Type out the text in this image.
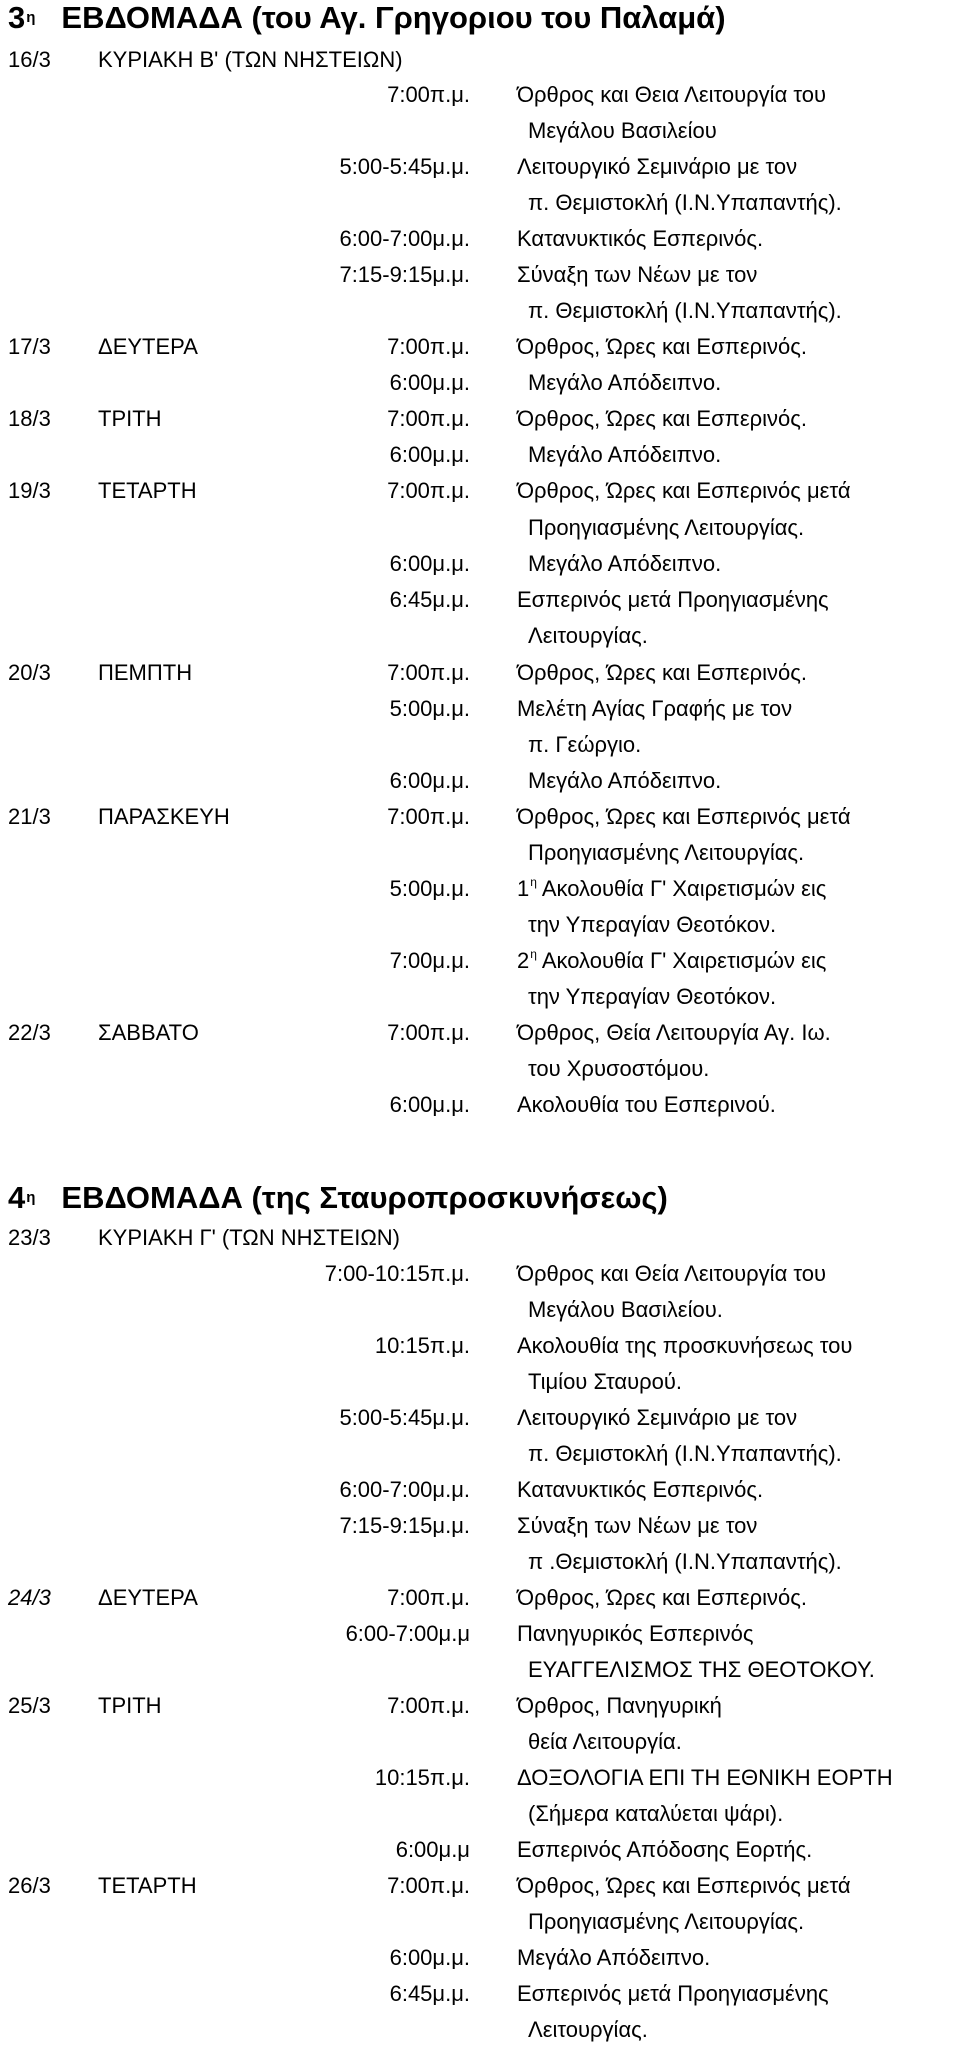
$3^\eta$ ΕΒΔΟΜΑΔΑ (του Αγ. Γρηγοριου του Παλαμά)
16/3 ΚΥΡΙΑΚΗ Β' (ΤΩΝ ΝΗΣΤΕΙΩΝ)
7:00π.μ. Όρθρος και Θεια Λειτουργία του
Μεγάλου Βασιλείου
5:00-5:45μ.μ. Λειτουργικό Σεμινάριο με τον
π. Θεμιστοκλή (Ι.Ν.Υπαπαντής).
6:00-7:00μ.μ. Κατανυκτικός Εσπερινός.
7:15-9:15μ.μ. Σύναξη των Νέων με τον
π. Θεμιστοκλή (Ι.Ν.Υπαπαντής).
17/3 ΔΕΥΤΕΡΑ	7:00π.μ. Όρθρος, Ώρες και Εσπερινός.
6:00μ.μ.	Μεγάλο Απόδειπνο.
18/3 ΤΡΙΤΗ	7:00π.μ. Όρθρος, Ώρες και Εσπερινός.
6:00μ.μ.	Μεγάλο Απόδειπνο.
19/3 ΤΕΤΑΡΤΗ	7:00π.μ. Όρθρος, Ώρες και Εσπερινός μετά
Προηγιασμένης Λειτουργίας.
6:00μ.μ.	Μεγάλο Απόδειπνο.
6:45μ.μ. Εσπερινός μετά Προηγιασμένης
Λειτουργίας.
20/3 ΠΕΜΠΤΗ	7:00π.μ. Όρθρος, Ώρες και Εσπερινός.
5:00μ.μ. Μελέτη Αγίας Γραφής με τον
π. Γεώργιο.
6:00μ.μ.	Μεγάλο Απόδειπνο.
21/3 ΠΑΡΑΣΚΕΥΗ	7:00π.μ. Όρθρος, Ώρες και Εσπερινός μετά
Προηγιασμένης Λειτουργίας.
5:00μ.μ. $1^\eta$ Ακολουθία Γ' Χαιρετισμών εις
την Υπεραγίαν Θεοτόκον.
7:00μ.μ. $2^\eta$ Ακολουθία Γ' Χαιρετισμών εις
την Υπεραγίαν Θεοτόκον.
22/3 ΣΑΒΒΑΤΟ	7:00π.μ. Όρθρος, Θεία Λειτουργία Αγ. Ιω.
του Χρυσοστόμου.
6:00μ.μ. Ακολουθία του Εσπερινού.
$4^\eta$ ΕΒΔΟΜΑΔΑ (της Σταυροπροσκυνήσεως)
23/3 ΚΥΡΙΑΚΗ Γ' (ΤΩΝ ΝΗΣΤΕΙΩΝ)
7:00-10:15π.μ. Όρθρος και Θεία Λειτουργία του
Μεγάλου Βασιλείου.
10:15π.μ. Ακολουθία της προσκυνήσεως του
Τιμίου Σταυρού.
5:00-5:45μ.μ. Λειτουργικό Σεμινάριο με τον
π. Θεμιστοκλή (Ι.Ν.Υπαπαντής).
6:00-7:00μ.μ. Κατανυκτικός Εσπερινός.
7:15-9:15μ.μ. Σύναξη των Νέων με τον
π .Θεμιστοκλή (Ι.Ν.Υπαπαντής).
24/3 ΔΕΥΤΕΡΑ	7:00π.μ. Όρθρος, Ώρες και Εσπερινός.
6:00-7:00μ.μ Πανηγυρικός Εσπερινός
ΕΥΑΓΓΕΛΙΣΜΟΣ ΤΗΣ ΘΕΟΤΟΚΟΥ.
25/3 ΤΡΙΤΗ	7:00π.μ. Όρθρος, Πανηγυρική
θεία Λειτουργία.
10:15π.μ. ΔΟΞΟΛΟΓΙΑ ΕΠΙ ΤΗ ΕΘΝΙΚΗ ΕΟΡΤΗ
(Σήμερα καταλύεται ψάρι).
6:00μ.μ Εσπερινός Απόδοσης Εορτής.
26/3 ΤΕΤΑΡΤΗ	7:00π.μ. Όρθρος, Ώρες και Εσπερινός μετά
Προηγιασμένης Λειτουργίας.
6:00μ.μ. Μεγάλο Απόδειπνο.
6:45μ.μ. Εσπερινός μετά Προηγιασμένης
Λειτουργίας.
